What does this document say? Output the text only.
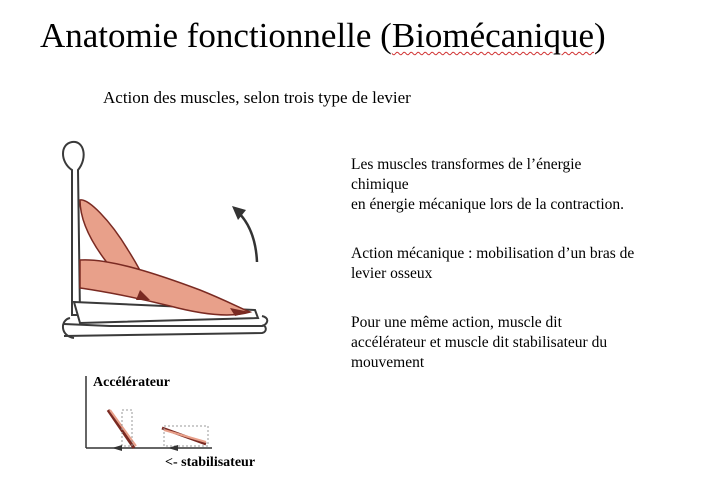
Anatomie fonctionnelle (Biomécanique)
Action des muscles, selon trois type de levier
Les muscles transformes de l’énergie
chimique
en énergie mécanique lors de la contraction.
Action mécanique : mobilisation d’un bras de
levier osseux
Pour une même action, muscle dit
accélérateur et muscle dit stabilisateur du
mouvement
Accélérateur
<- stabilisateur
